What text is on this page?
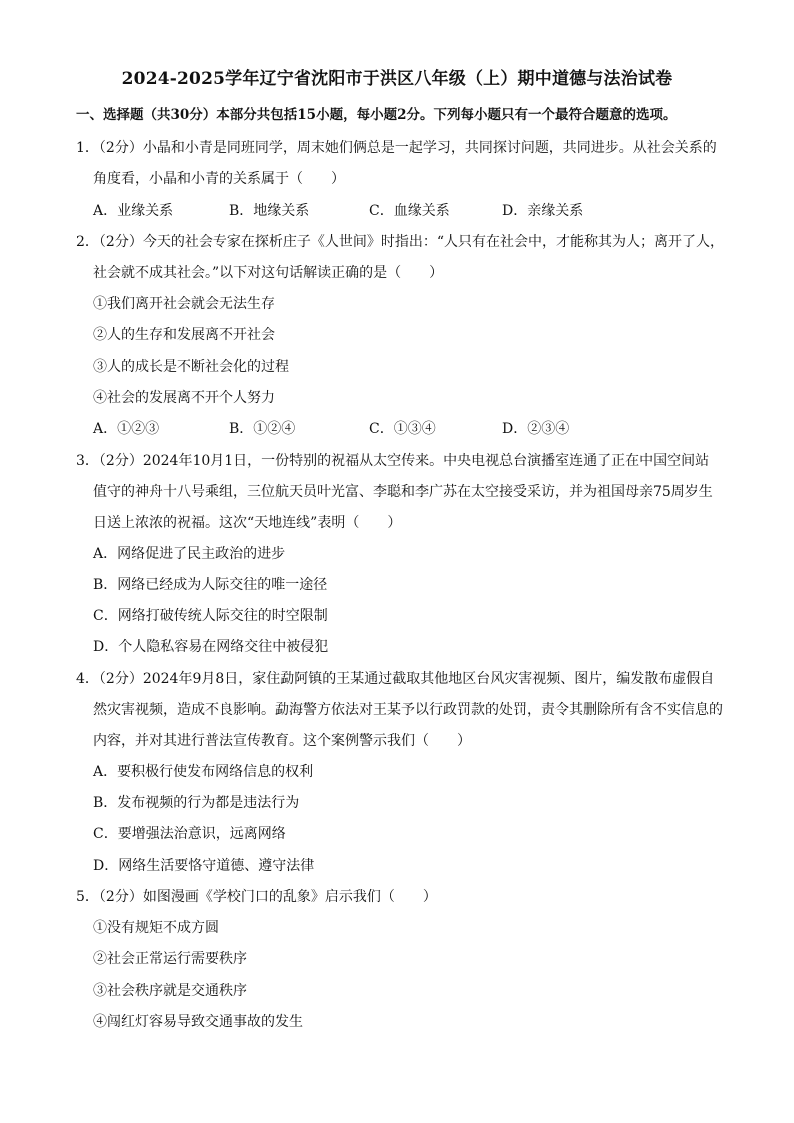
2024-2025学年辽宁省沈阳市于洪区八年级（上）期中道德与法治试卷
一、选择题（共30分）本部分共包括15小题，每小题2分。下列每小题只有一个最符合题意的选项。
1．（2分）小晶和小青是同班同学，周末她们俩总是一起学习，共同探讨问题，共同进步。从社会关系的
角度看，小晶和小青的关系属于（　　）
A．业缘关系	B．地缘关系	C．血缘关系	D．亲缘关系
2．（2分）今天的社会专家在探析庄子《人世间》时指出：“人只有在社会中，才能称其为人；离开了人，
社会就不成其社会。”以下对这句话解读正确的是（　　）
①我们离开社会就会无法生存
②人的生存和发展离不开社会
③人的成长是不断社会化的过程
④社会的发展离不开个人努力
A．①②③	B．①②④	C．①③④	D．②③④
3．（2分）2024年10月1日，一份特别的祝福从太空传来。中央电视总台演播室连通了正在中国空间站
值守的神舟十八号乘组，三位航天员叶光富、李聪和李广苏在太空接受采访，并为祖国母亲75周岁生
日送上浓浓的祝福。这次“天地连线”表明（　　）
A．网络促进了民主政治的进步
B．网络已经成为人际交往的唯一途径
C．网络打破传统人际交往的时空限制
D．个人隐私容易在网络交往中被侵犯
4．（2分）2024年9月8日，家住勐阿镇的王某通过截取其他地区台风灾害视频、图片，编发散布虚假自
然灾害视频，造成不良影响。勐海警方依法对王某予以行政罚款的处罚，责令其删除所有含不实信息的
内容，并对其进行普法宣传教育。这个案例警示我们（　　）
A．要积极行使发布网络信息的权利
B．发布视频的行为都是违法行为
C．要增强法治意识，远离网络
D．网络生活要恪守道德、遵守法律
5．（2分）如图漫画《学校门口的乱象》启示我们（　　）
①没有规矩不成方圆
②社会正常运行需要秩序
③社会秩序就是交通秩序
④闯红灯容易导致交通事故的发生
